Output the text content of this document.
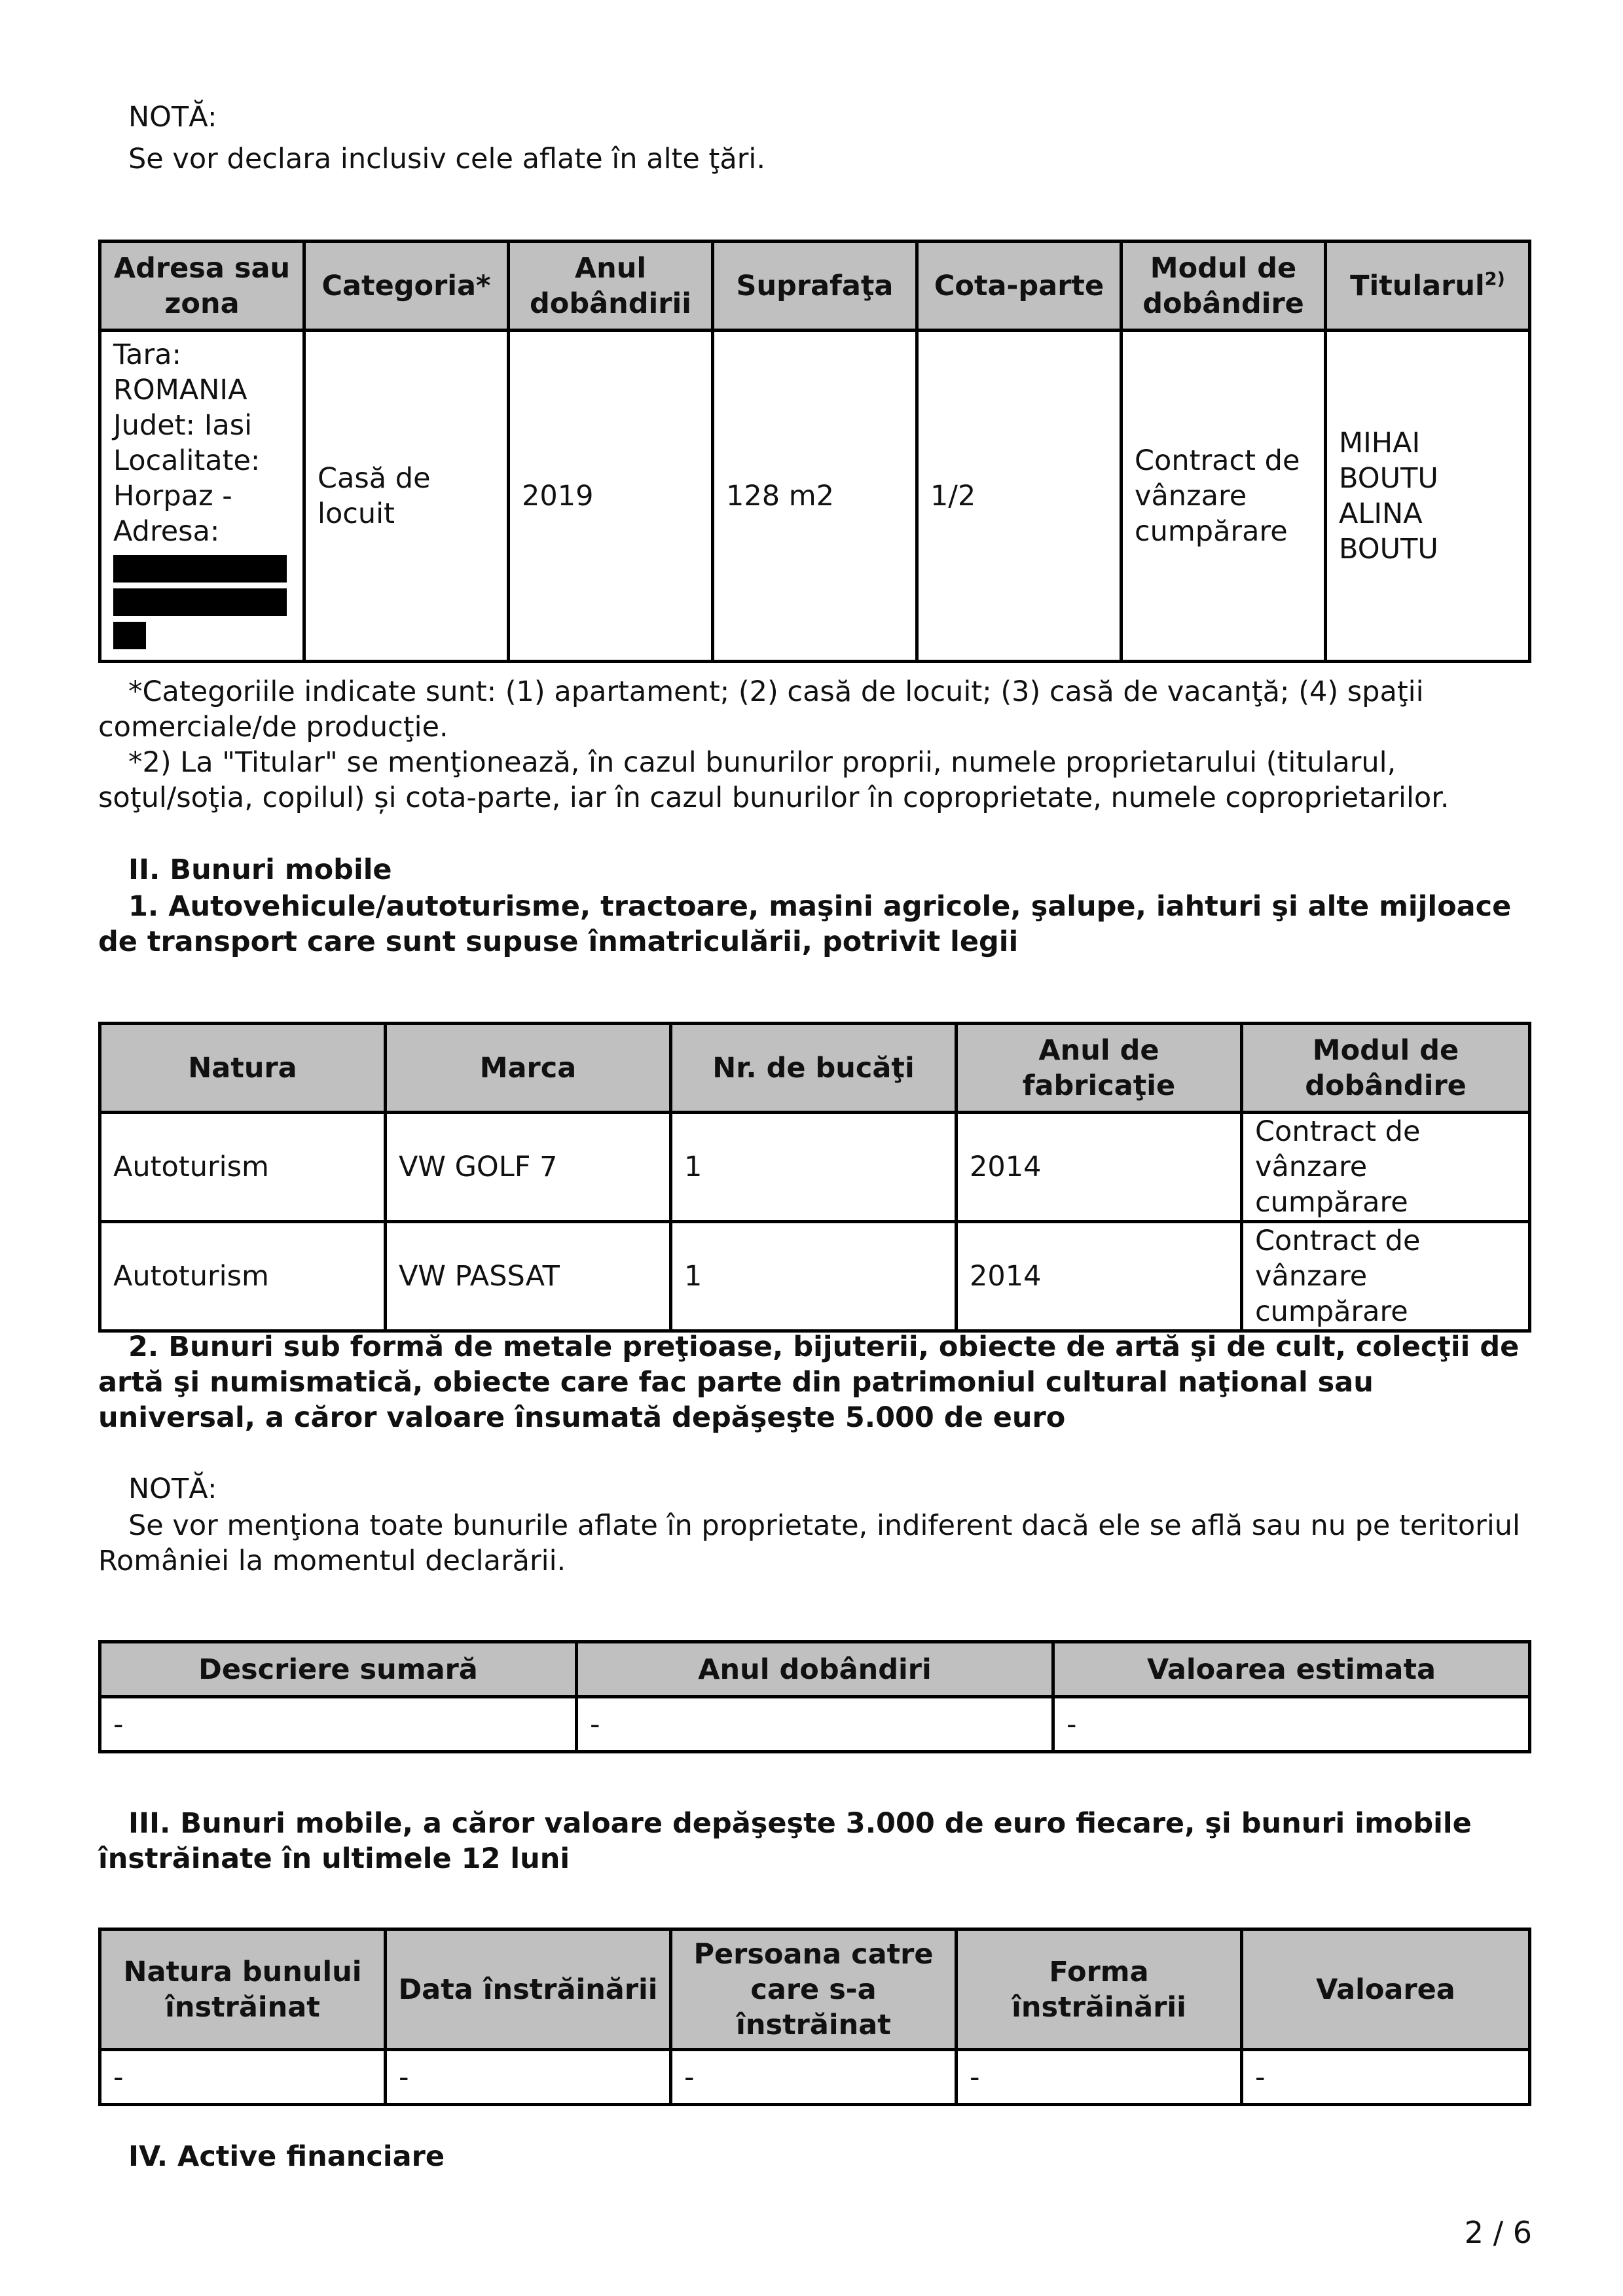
NOTĂ:

Se vor declara inclusiv cele aflate în alte ţări.

Adresa sau zona	Categoria*	Anul dobândirii	Suprafaţa	Cota-parte	Modul de dobândire	Titularul$^{2)}$
Tara: ROMANIA Judet: Iasi Localitate: Horpaz - Adresa:	Casă de locuit	2019	128 m2	1/2	Contract de vânzare cumpărare	MIHAI BOUTU ALINA BOUTU

*Categoriile indicate sunt: (1) apartament; (2) casă de locuit; (3) casă de vacanţă; (4) spaţii comerciale/de producţie.

*2) La "Titular" se menţionează, în cazul bunurilor proprii, numele proprietarului (titularul, soţul/soţia, copilul) și cota-parte, iar în cazul bunurilor în coproprietate, numele coproprietarilor.

II. Bunuri mobile

1. Autovehicule/autoturisme, tractoare, maşini agricole, şalupe, iahturi şi alte mijloace de transport care sunt supuse înmatriculării, potrivit legii

Natura	Marca	Nr. de bucăţi	Anul de fabricaţie	Modul de dobândire
Autoturism	VW GOLF 7	1	2014	Contract de vânzare cumpărare
Autoturism	VW PASSAT	1	2014	Contract de vânzare cumpărare

2. Bunuri sub formă de metale preţioase, bijuterii, obiecte de artă şi de cult, colecţii de artă şi numismatică, obiecte care fac parte din patrimoniul cultural naţional sau universal, a căror valoare însumată depăşeşte 5.000 de euro

NOTĂ:

Se vor menţiona toate bunurile aflate în proprietate, indiferent dacă ele se află sau nu pe teritoriul României la momentul declarării.

Descriere sumară	Anul dobândiri	Valoarea estimata
-	-	-

III. Bunuri mobile, a căror valoare depăşeşte 3.000 de euro fiecare, şi bunuri imobile înstrăinate în ultimele 12 luni

Natura bunului înstrăinat	Data înstrăinării	Persoana catre care s-a înstrăinat	Forma înstrăinării	Valoarea
-	-	-	-	-

IV. Active financiare

2 / 6
